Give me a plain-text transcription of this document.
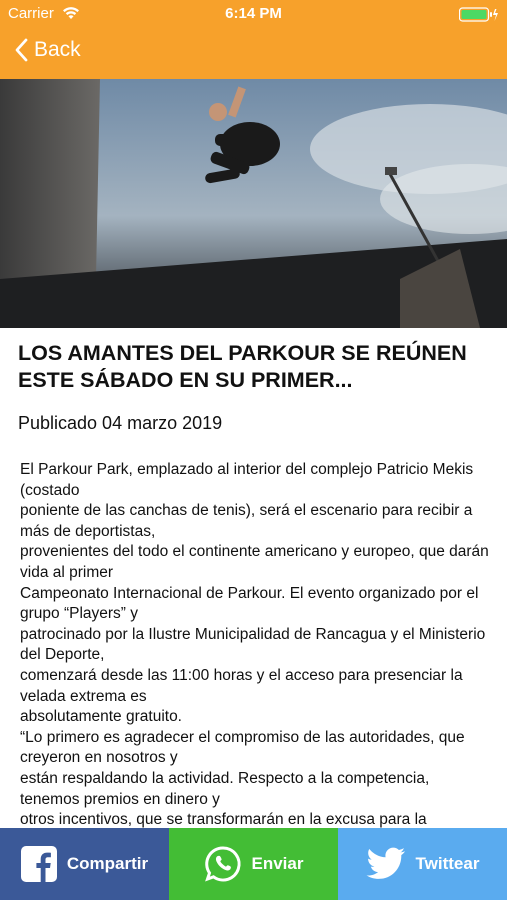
Carrier	6:14 PM
Back
LOS AMANTES DEL PARKOUR SE REÚNEN ESTE SÁBADO EN SU PRIMER...
Publicado 04 marzo 2019
El Parkour Park, emplazado al interior del complejo Patricio Mekis (costado
poniente de las canchas de tenis), será el escenario para recibir a más de deportistas,
provenientes del todo el continente americano y europeo, que darán vida al primer
Campeonato Internacional de Parkour. El evento organizado por el grupo “Players” y
patrocinado por la Ilustre Municipalidad de Rancagua y el Ministerio del Deporte,
comenzará desde las 11:00 horas y el acceso para presenciar la velada extrema es
absolutamente gratuito.
“Lo primero es agradecer el compromiso de las autoridades, que creyeron en nosotros y
están respaldando la actividad. Respecto a la competencia, tenemos premios en dinero y
otros incentivos, que se transformarán en la excusa para la
Compartir	Enviar	Twittear
